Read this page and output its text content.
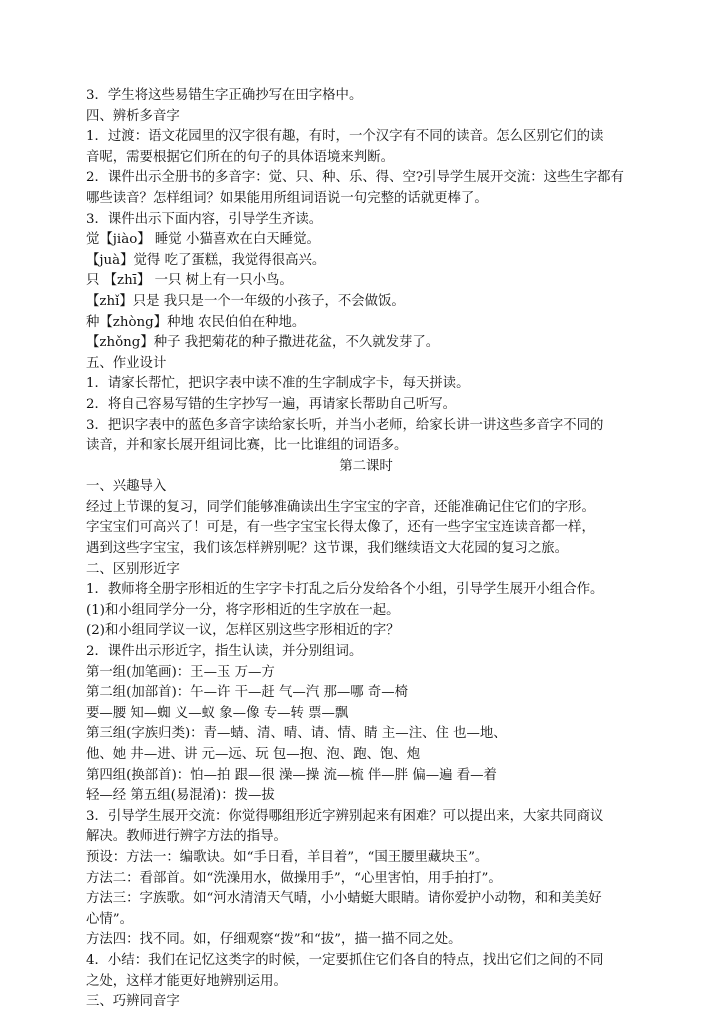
3．学生将这些易错生字正确抄写在田字格中。
四、辨析多音字
1．过渡：语文花园里的汉字很有趣，有时，一个汉字有不同的读音。怎么区别它们的读
音呢，需要根据它们所在的句子的具体语境来判断。
2．课件出示全册书的多音字：觉、只、种、乐、得、空?引导学生展开交流：这些生字都有
哪些读音？怎样组词？如果能用所组词语说一句完整的话就更棒了。
3．课件出示下面内容，引导学生齐读。
觉【jiào】 睡觉 小猫喜欢在白天睡觉。
【juà】觉得 吃了蛋糕，我觉得很高兴。
只 【zhī】 一只 树上有一只小鸟。
【zhǐ】只是 我只是一个一年级的小孩子，不会做饭。
种【zhòng】种地 农民伯伯在种地。
【zhǒng】种子 我把菊花的种子撒进花盆，不久就发芽了。
五、作业设计
1．请家长帮忙，把识字表中读不准的生字制成字卡，每天拼读。
2．将自己容易写错的生字抄写一遍，再请家长帮助自己听写。
3．把识字表中的蓝色多音字读给家长听，并当小老师，给家长讲一讲这些多音字不同的
读音，并和家长展开组词比赛，比一比谁组的词语多。
第二课时
一、兴趣导入
经过上节课的复习，同学们能够准确读出生字宝宝的字音，还能准确记住它们的字形。
字宝宝们可高兴了！可是，有一些字宝宝长得太像了，还有一些字宝宝连读音都一样，
遇到这些字宝宝，我们该怎样辨别呢？这节课，我们继续语文大花园的复习之旅。
二、区别形近字
1．教师将全册字形相近的生字字卡打乱之后分发给各个小组，引导学生展开小组合作。
(1)和小组同学分一分，将字形相近的生字放在一起。
(2)和小组同学议一议，怎样区别这些字形相近的字？
2．课件出示形近字，指生认读，并分别组词。
第一组(加笔画)：王—玉 万—方
第二组(加部首)：午—许 干—赶 气—汽 那—哪 奇—椅
要—腰 知—蜘 义—蚁 象—像 专—转 票—飘
第三组(字族归类)：青—蜻、清、晴、请、情、睛 主—注、住 也—地、
他、她 井—进、讲 元—远、玩 包—抱、泡、跑、饱、炮
第四组(换部首)：怕—拍 跟—很 澡—操 流—梳 伴—胖 偏—遍 看—着
轻—经 第五组(易混淆)：拨—拔
3．引导学生展开交流：你觉得哪组形近字辨别起来有困难？可以提出来，大家共同商议
解决。教师进行辨字方法的指导。
预设：方法一：编歌诀。如“手日看，羊目着”，“国王腰里藏块玉”。
方法二：看部首。如“洗澡用水，做操用手”，“心里害怕，用手拍打”。
方法三：字族歌。如“河水清清天气晴，小小蜻蜓大眼睛。请你爱护小动物，和和美美好
心情”。
方法四：找不同。如，仔细观察“拨”和“拔”，描一描不同之处。
4．小结：我们在记忆这类字的时候，一定要抓住它们各自的特点，找出它们之间的不同
之处，这样才能更好地辨别运用。
三、巧辨同音字
